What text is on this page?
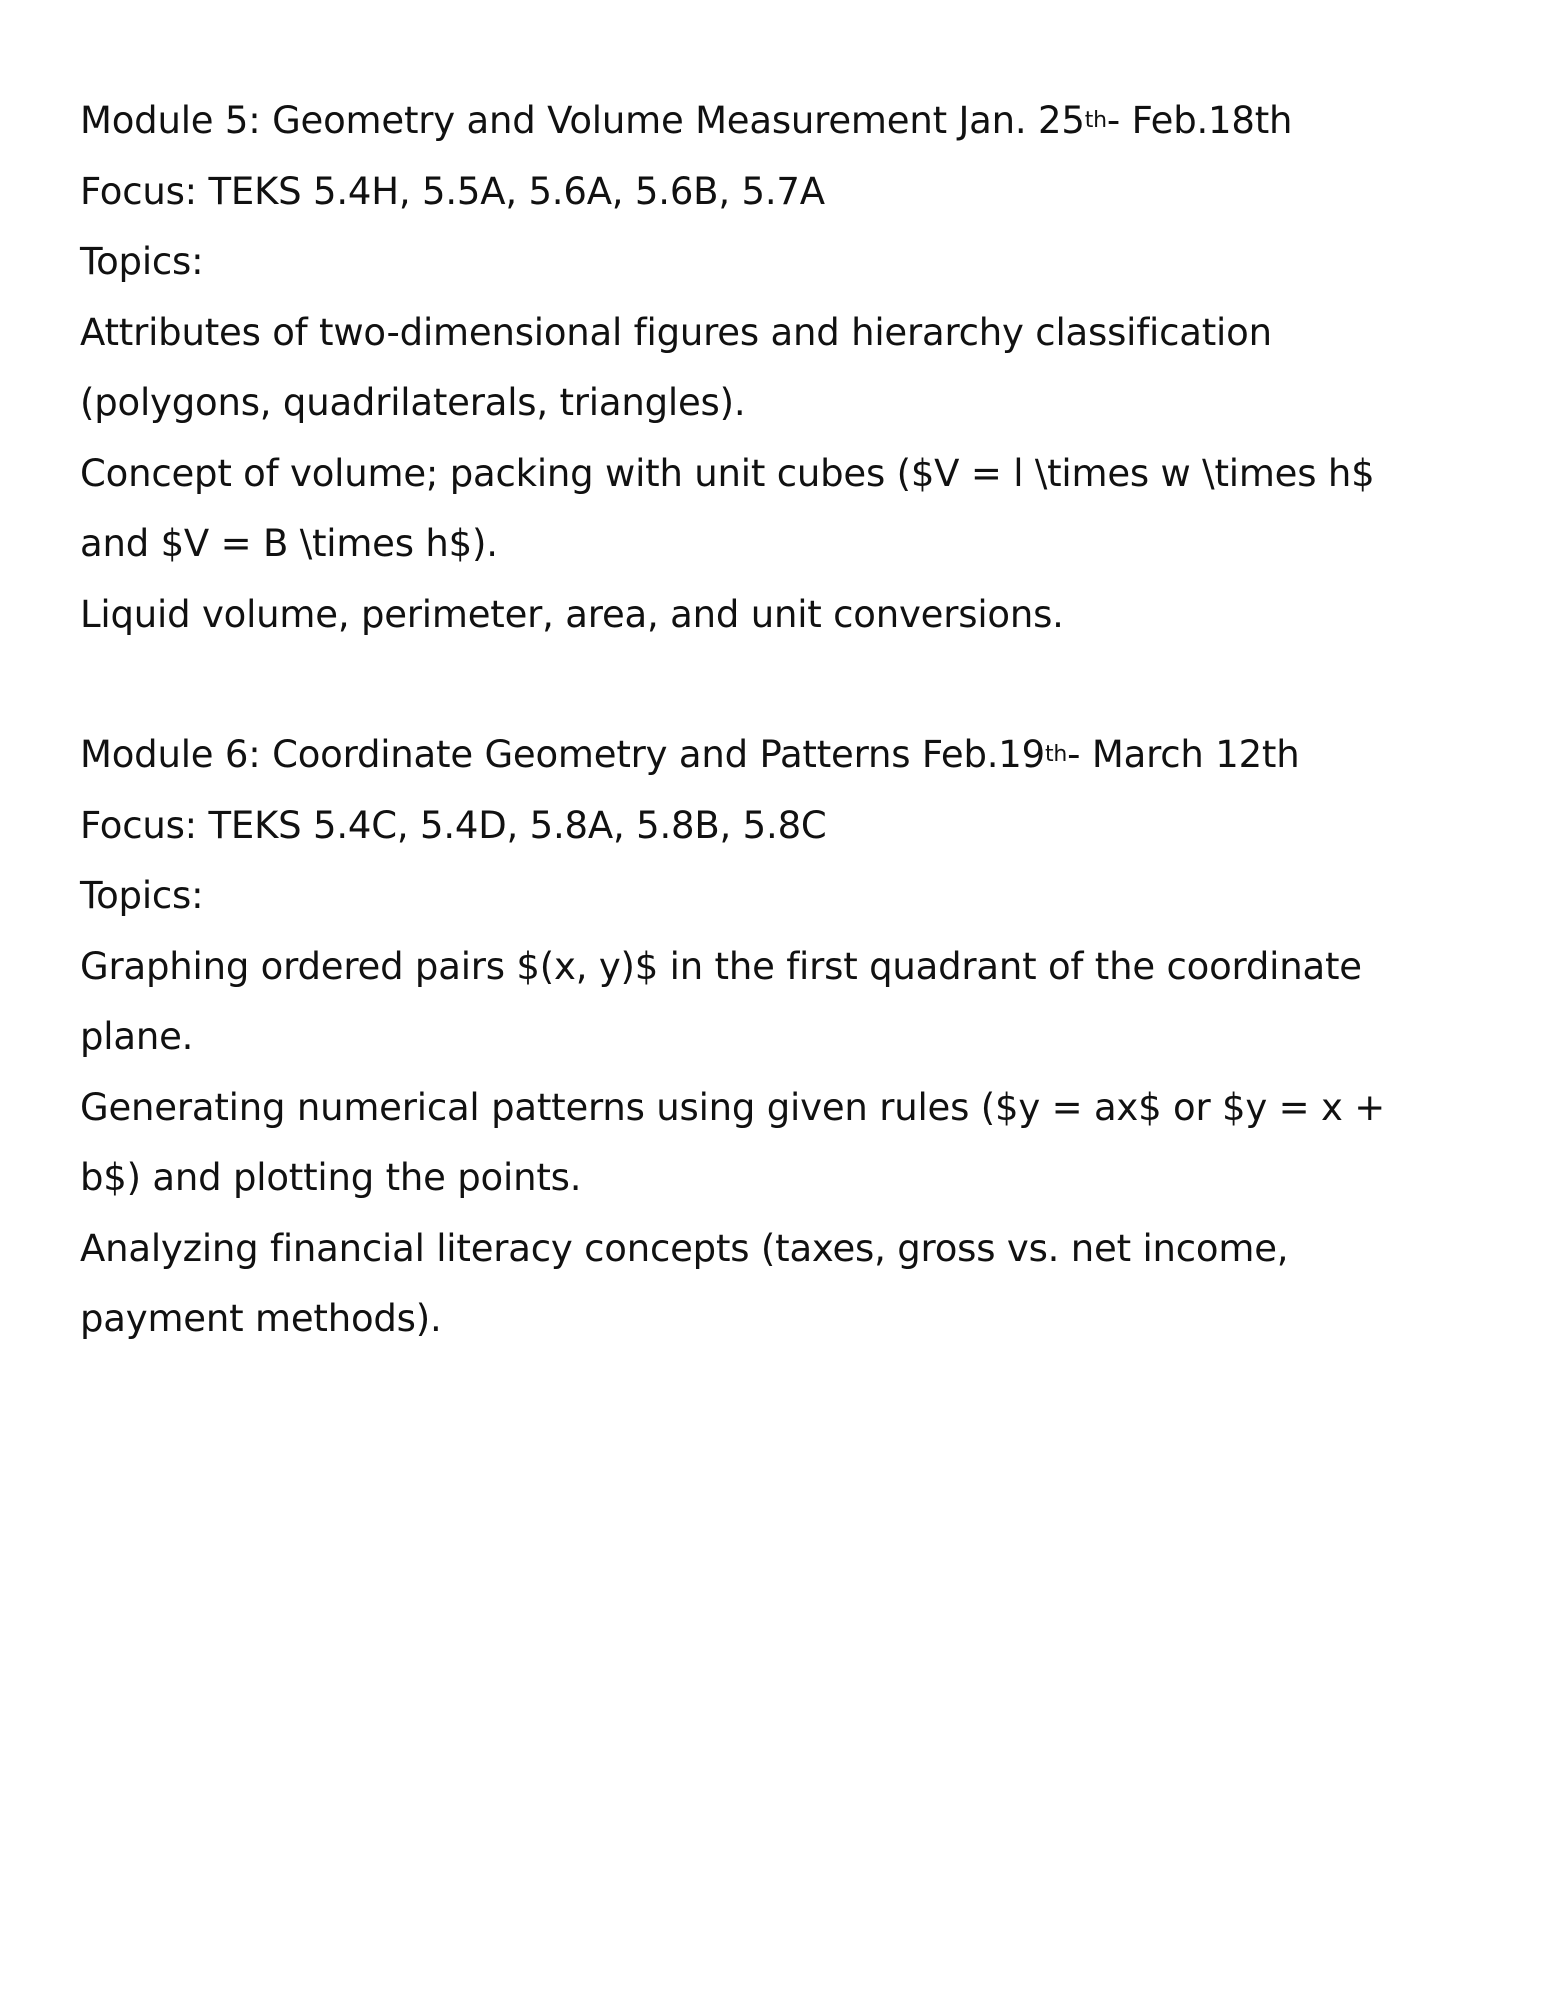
Module 5: Geometry and Volume Measurement Jan. 25th- Feb.18th
Focus: TEKS 5.4H, 5.5A, 5.6A, 5.6B, 5.7A
Topics:
Attributes of two-dimensional figures and hierarchy classification
(polygons, quadrilaterals, triangles).
Concept of volume; packing with unit cubes ($V = l \times w \times h$
and $V = B \times h$).
Liquid volume, perimeter, area, and unit conversions.
Module 6: Coordinate Geometry and Patterns Feb.19th- March 12th
Focus: TEKS 5.4C, 5.4D, 5.8A, 5.8B, 5.8C
Topics:
Graphing ordered pairs $(x, y)$ in the first quadrant of the coordinate
plane.
Generating numerical patterns using given rules ($y = ax$ or $y = x +
b$) and plotting the points.
Analyzing financial literacy concepts (taxes, gross vs. net income,
payment methods).
